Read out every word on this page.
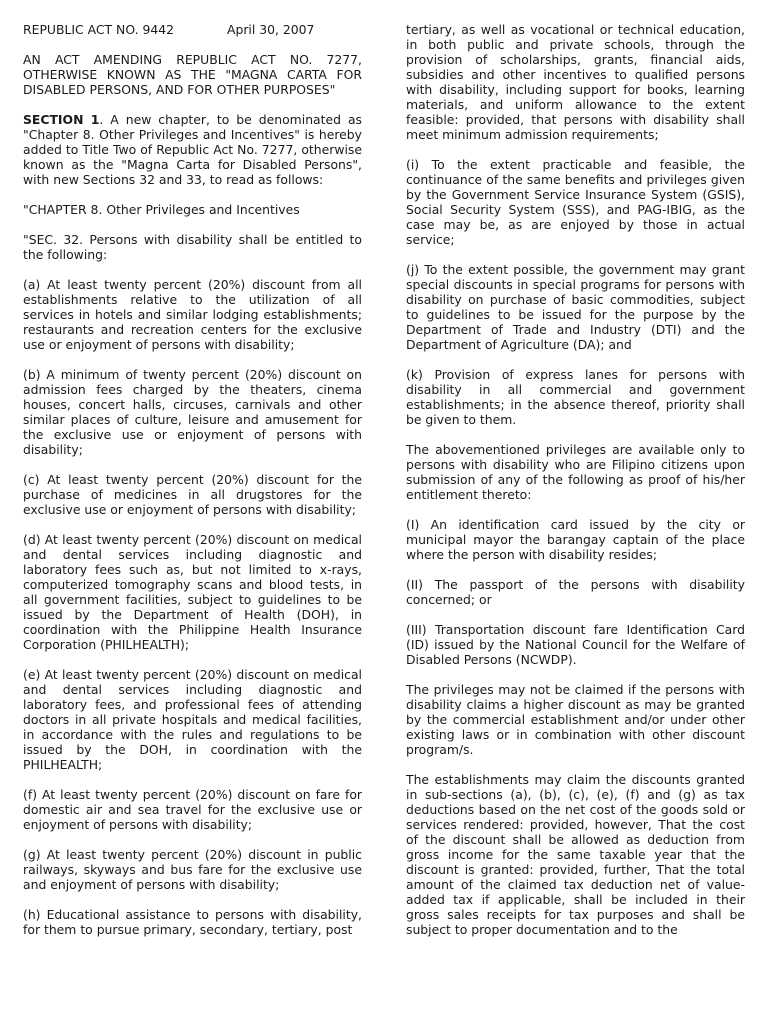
REPUBLIC ACT NO. 9442	April 30, 2007

AN ACT AMENDING REPUBLIC ACT NO. 7277, OTHERWISE KNOWN AS THE "MAGNA CARTA FOR DISABLED PERSONS, AND FOR OTHER PURPOSES"

SECTION 1. A new chapter, to be denominated as "Chapter 8. Other Privileges and Incentives" is hereby added to Title Two of Republic Act No. 7277, otherwise known as the "Magna Carta for Disabled Persons", with new Sections 32 and 33, to read as follows:

"CHAPTER 8. Other Privileges and Incentives

"SEC. 32. Persons with disability shall be entitled to the following:

(a) At least twenty percent (20%) discount from all establishments relative to the utilization of all services in hotels and similar lodging establishments; restaurants and recreation centers for the exclusive use or enjoyment of persons with disability;

(b) A minimum of twenty percent (20%) discount on admission fees charged by the theaters, cinema houses, concert halls, circuses, carnivals and other similar places of culture, leisure and amusement for the exclusive use or enjoyment of persons with disability;

(c) At least twenty percent (20%) discount for the purchase of medicines in all drugstores for the exclusive use or enjoyment of persons with disability;

(d) At least twenty percent (20%) discount on medical and dental services including diagnostic and laboratory fees such as, but not limited to x-rays, computerized tomography scans and blood tests, in all government facilities, subject to guidelines to be issued by the Department of Health (DOH), in coordination with the Philippine Health Insurance Corporation (PHILHEALTH);

(e) At least twenty percent (20%) discount on medical and dental services including diagnostic and laboratory fees, and professional fees of attending doctors in all private hospitals and medical facilities, in accordance with the rules and regulations to be issued by the DOH, in coordination with the PHILHEALTH;

(f) At least twenty percent (20%) discount on fare for domestic air and sea travel for the exclusive use or enjoyment of persons with disability;

(g) At least twenty percent (20%) discount in public railways, skyways and bus fare for the exclusive use and enjoyment of persons with disability;

(h) Educational assistance to persons with disability, for them to pursue primary, secondary, tertiary, post

tertiary, as well as vocational or technical education, in both public and private schools, through the provision of scholarships, grants, financial aids, subsidies and other incentives to qualified persons with disability, including support for books, learning materials, and uniform allowance to the extent feasible: provided, that persons with disability shall meet minimum admission requirements;

(i) To the extent practicable and feasible, the continuance of the same benefits and privileges given by the Government Service Insurance System (GSIS), Social Security System (SSS), and PAG-IBIG, as the case may be, as are enjoyed by those in actual service;

(j) To the extent possible, the government may grant special discounts in special programs for persons with disability on purchase of basic commodities, subject to guidelines to be issued for the purpose by the Department of Trade and Industry (DTI) and the Department of Agriculture (DA); and

(k) Provision of express lanes for persons with disability in all commercial and government establishments; in the absence thereof, priority shall be given to them.

The abovementioned privileges are available only to persons with disability who are Filipino citizens upon submission of any of the following as proof of his/her entitlement thereto:

(I) An identification card issued by the city or municipal mayor the barangay captain of the place where the person with disability resides;

(II) The passport of the persons with disability concerned; or

(III) Transportation discount fare Identification Card (ID) issued by the National Council for the Welfare of Disabled Persons (NCWDP).

The privileges may not be claimed if the persons with disability claims a higher discount as may be granted by the commercial establishment and/or under other existing laws or in combination with other discount program/s.

The establishments may claim the discounts granted in sub-sections (a), (b), (c), (e), (f) and (g) as tax deductions based on the net cost of the goods sold or services rendered: provided, however, That the cost of the discount shall be allowed as deduction from gross income for the same taxable year that the discount is granted: provided, further, That the total amount of the claimed tax deduction net of value-added tax if applicable, shall be included in their gross sales receipts for tax purposes and shall be subject to proper documentation and to the
